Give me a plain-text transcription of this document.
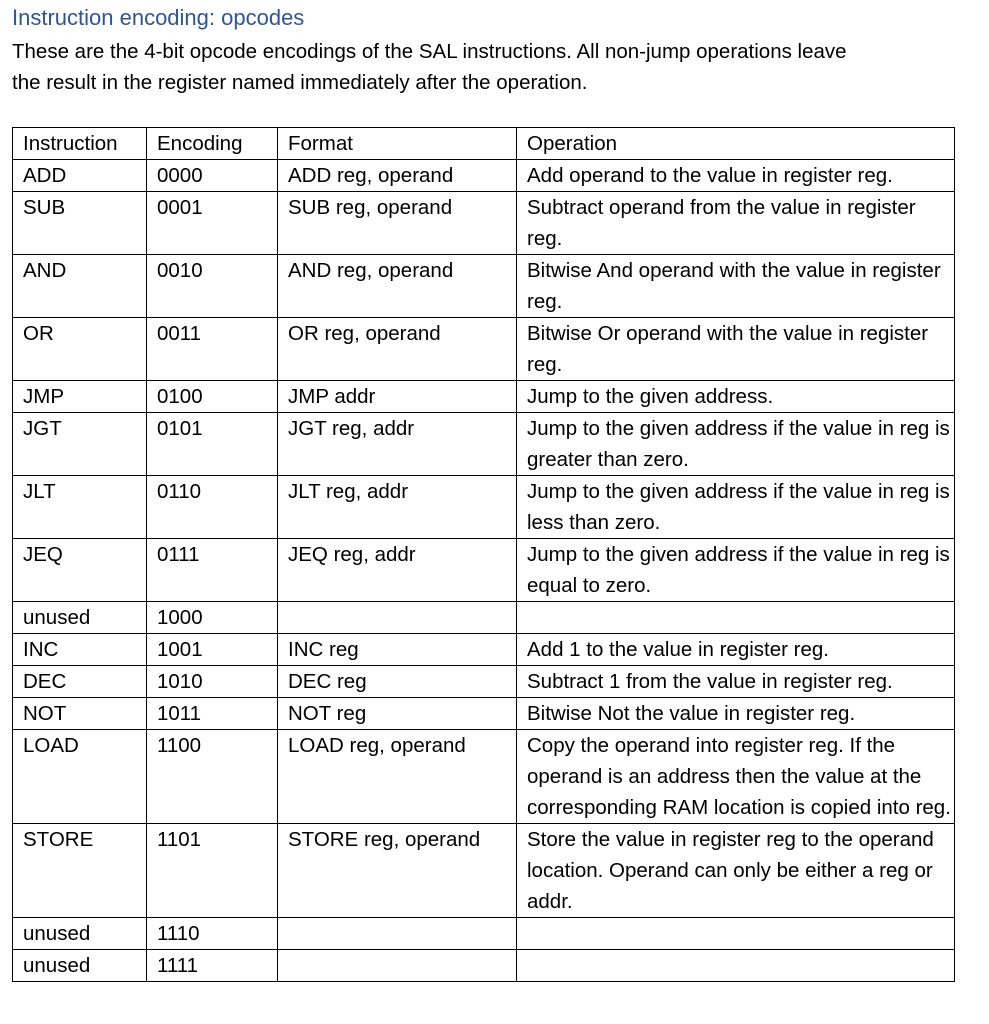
Instruction encoding: opcodes

These are the 4-bit opcode encodings of the SAL instructions. All non-jump operations leave

the result in the register named immediately after the operation.

Instruction	Encoding	Format	Operation
ADD	0000	ADD reg, operand	Add operand to the value in register reg.
SUB	0001	SUB reg, operand	Subtract operand from the value in register reg.
AND	0010	AND reg, operand	Bitwise And operand with the value in register reg.
OR	0011	OR reg, operand	Bitwise Or operand with the value in register reg.
JMP	0100	JMP addr	Jump to the given address.
JGT	0101	JGT reg, addr	Jump to the given address if the value in reg is greater than zero.
JLT	0110	JLT reg, addr	Jump to the given address if the value in reg is less than zero.
JEQ	0111	JEQ reg, addr	Jump to the given address if the value in reg is equal to zero.
unused	1000		
INC	1001	INC reg	Add 1 to the value in register reg.
DEC	1010	DEC reg	Subtract 1 from the value in register reg.
NOT	1011	NOT reg	Bitwise Not the value in register reg.
LOAD	1100	LOAD reg, operand	Copy the operand into register reg. If the operand is an address then the value at the corresponding RAM location is copied into reg.
STORE	1101	STORE reg, operand	Store the value in register reg to the operand location. Operand can only be either a reg or addr.
unused	1110		
unused	1111		
